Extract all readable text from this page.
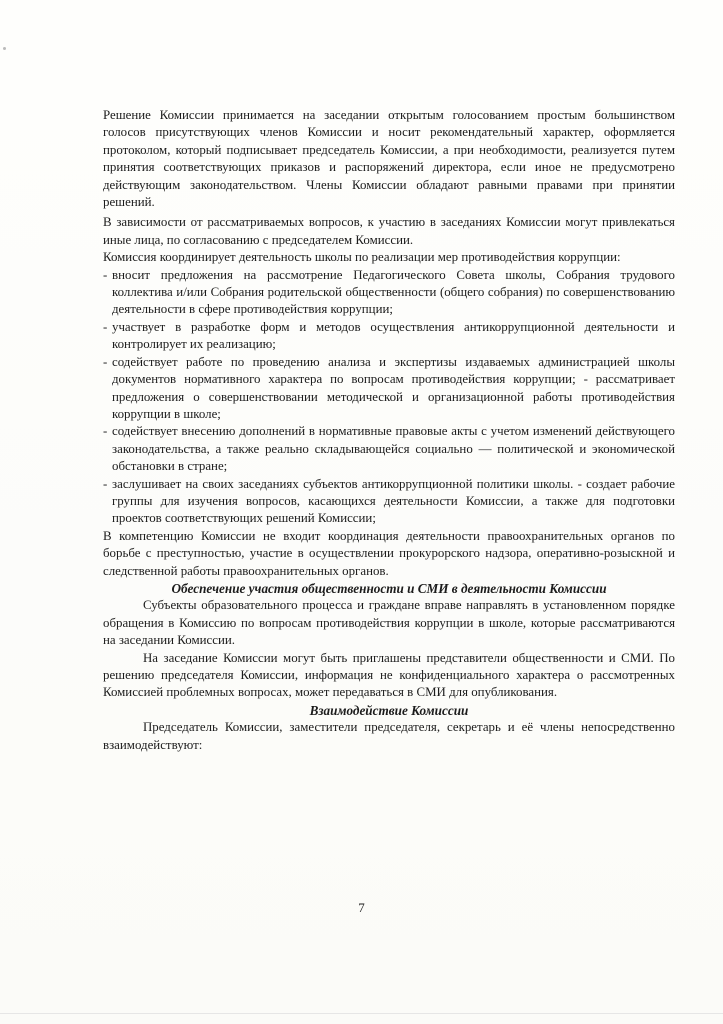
Решение Комиссии принимается на заседании открытым голосованием простым большинством голосов присутствующих членов Комиссии и носит рекомендательный характер, оформляется протоколом, который подписывает председатель Комиссии, а при необходимости, реализуется путем принятия соответствующих приказов и распоряжений директора, если иное не предусмотрено действующим законодательством. Члены Комиссии обладают равными правами при принятии решений.

В зависимости от рассматриваемых вопросов, к участию в заседаниях Комиссии могут привлекаться иные лица, по согласованию с председателем Комиссии.

Комиссия координирует деятельность школы по реализации мер противодействия коррупции:

- вносит предложения на рассмотрение Педагогического Совета школы, Собрания трудового коллектива и/или Собрания родительской общественности (общего собрания) по совершенствованию деятельности в сфере противодействия коррупции;
- участвует в разработке форм и методов осуществления антикоррупционной деятельности и контролирует их реализацию;
- содействует работе по проведению анализа и экспертизы издаваемых администрацией школы документов нормативного характера по вопросам противодействия коррупции; - рассматривает предложения о совершенствовании методической и организационной работы противодействия коррупции в школе;
- содействует внесению дополнений в нормативные правовые акты с учетом изменений действующего законодательства, а также реально складывающейся социально — политической и экономической обстановки в стране;
- заслушивает на своих заседаниях субъектов антикоррупционной политики школы. - создает рабочие группы для изучения вопросов, касающихся деятельности Комиссии, а также для подготовки проектов соответствующих решений Комиссии;

В компетенцию Комиссии не входит координация деятельности правоохранительных органов по борьбе с преступностью, участие в осуществлении прокурорского надзора, оперативно-розыскной и следственной работы правоохранительных органов.

Обеспечение участия общественности и СМИ в деятельности Комиссии

Субъекты образовательного процесса и граждане вправе направлять в установленном порядке обращения в Комиссию по вопросам противодействия коррупции в школе, которые рассматриваются на заседании Комиссии.

На заседание Комиссии могут быть приглашены представители общественности и СМИ. По решению председателя Комиссии, информация не конфиденциального характера о рассмотренных Комиссией проблемных вопросах, может передаваться в СМИ для опубликования.

Взаимодействие Комиссии

Председатель Комиссии, заместители председателя, секретарь и её члены непосредственно взаимодействуют:

7
